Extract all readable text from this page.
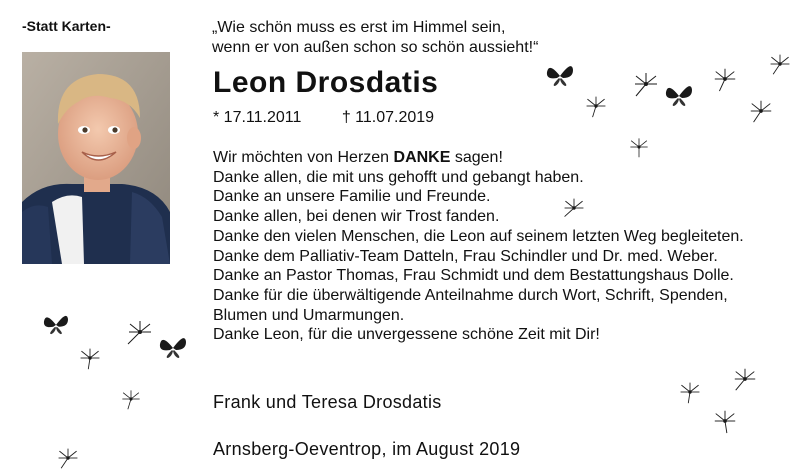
-Statt Karten-	„Wie schön muss es erst im Himmel sein,
wenn er von außen schon so schön aussieht!“
Leon Drosdatis
* 17.11.2011	† 11.07.2019
Wir möchten von Herzen DANKE sagen!
Danke allen, die mit uns gehofft und gebangt haben.
Danke an unsere Familie und Freunde.
Danke allen, bei denen wir Trost fanden.
Danke den vielen Menschen, die Leon auf seinem letzten Weg begleiteten.
Danke dem Palliativ-Team Datteln, Frau Schindler und Dr. med. Weber.
Danke an Pastor Thomas, Frau Schmidt und dem Bestattungshaus Dolle.
Danke für die überwältigende Anteilnahme durch Wort, Schrift, Spenden,
Blumen und Umarmungen.
Danke Leon, für die unvergessene schöne Zeit mit Dir!
Frank und Teresa Drosdatis
Arnsberg-Oeventrop, im August 2019
